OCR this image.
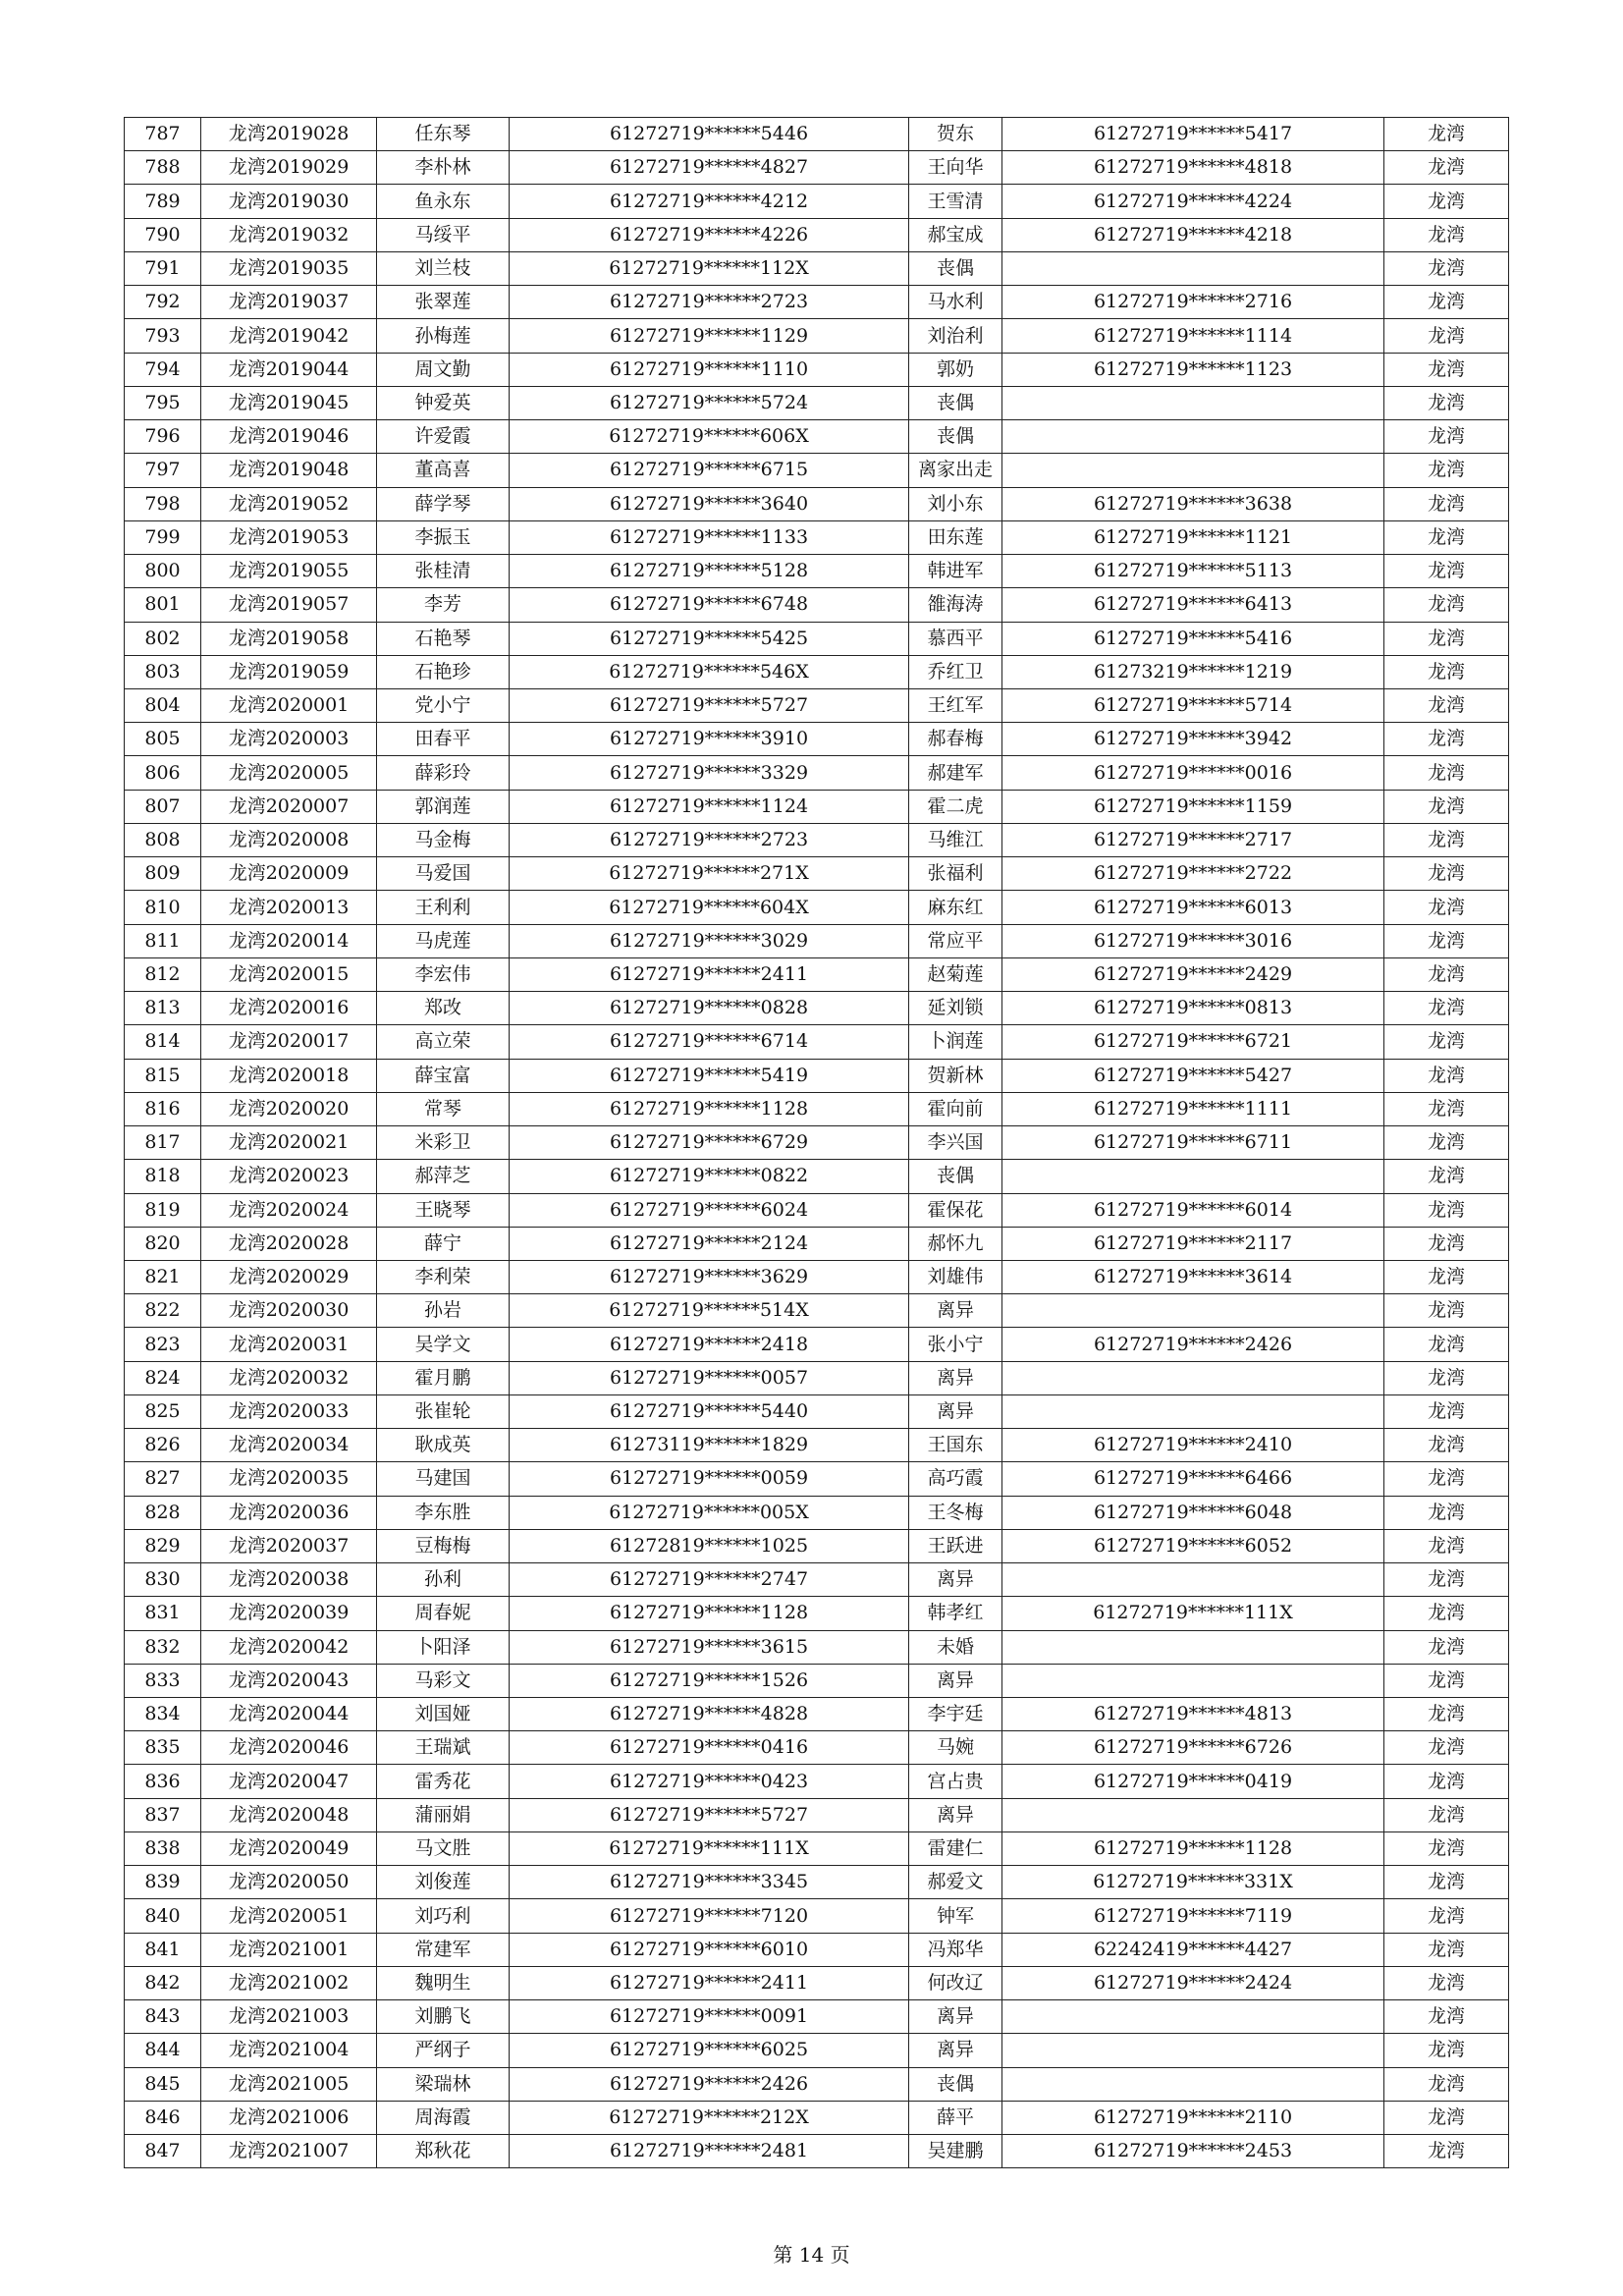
787	龙湾2019028	任东琴	61272719******5446	贺东	61272719******5417	龙湾
788	龙湾2019029	李朴林	61272719******4827	王向华	61272719******4818	龙湾
789	龙湾2019030	鱼永东	61272719******4212	王雪清	61272719******4224	龙湾
790	龙湾2019032	马绥平	61272719******4226	郝宝成	61272719******4218	龙湾
791	龙湾2019035	刘兰枝	61272719******112X	丧偶		龙湾
792	龙湾2019037	张翠莲	61272719******2723	马水利	61272719******2716	龙湾
793	龙湾2019042	孙梅莲	61272719******1129	刘治利	61272719******1114	龙湾
794	龙湾2019044	周文勤	61272719******1110	郭奶	61272719******1123	龙湾
795	龙湾2019045	钟爱英	61272719******5724	丧偶		龙湾
796	龙湾2019046	许爱霞	61272719******606X	丧偶		龙湾
797	龙湾2019048	董高喜	61272719******6715	离家出走		龙湾
798	龙湾2019052	薛学琴	61272719******3640	刘小东	61272719******3638	龙湾
799	龙湾2019053	李振玉	61272719******1133	田东莲	61272719******1121	龙湾
800	龙湾2019055	张桂清	61272719******5128	韩进军	61272719******5113	龙湾
801	龙湾2019057	李芳	61272719******6748	雒海涛	61272719******6413	龙湾
802	龙湾2019058	石艳琴	61272719******5425	慕西平	61272719******5416	龙湾
803	龙湾2019059	石艳珍	61272719******546X	乔红卫	61273219******1219	龙湾
804	龙湾2020001	党小宁	61272719******5727	王红军	61272719******5714	龙湾
805	龙湾2020003	田春平	61272719******3910	郝春梅	61272719******3942	龙湾
806	龙湾2020005	薛彩玲	61272719******3329	郝建军	61272719******0016	龙湾
807	龙湾2020007	郭润莲	61272719******1124	霍二虎	61272719******1159	龙湾
808	龙湾2020008	马金梅	61272719******2723	马维江	61272719******2717	龙湾
809	龙湾2020009	马爱国	61272719******271X	张福利	61272719******2722	龙湾
810	龙湾2020013	王利利	61272719******604X	麻东红	61272719******6013	龙湾
811	龙湾2020014	马虎莲	61272719******3029	常应平	61272719******3016	龙湾
812	龙湾2020015	李宏伟	61272719******2411	赵菊莲	61272719******2429	龙湾
813	龙湾2020016	郑改	61272719******0828	延刘锁	61272719******0813	龙湾
814	龙湾2020017	高立荣	61272719******6714	卜润莲	61272719******6721	龙湾
815	龙湾2020018	薛宝富	61272719******5419	贺新林	61272719******5427	龙湾
816	龙湾2020020	常琴	61272719******1128	霍向前	61272719******1111	龙湾
817	龙湾2020021	米彩卫	61272719******6729	李兴国	61272719******6711	龙湾
818	龙湾2020023	郝萍芝	61272719******0822	丧偶		龙湾
819	龙湾2020024	王晓琴	61272719******6024	霍保花	61272719******6014	龙湾
820	龙湾2020028	薛宁	61272719******2124	郝怀九	61272719******2117	龙湾
821	龙湾2020029	李利荣	61272719******3629	刘雄伟	61272719******3614	龙湾
822	龙湾2020030	孙岩	61272719******514X	离异		龙湾
823	龙湾2020031	吴学文	61272719******2418	张小宁	61272719******2426	龙湾
824	龙湾2020032	霍月鹏	61272719******0057	离异		龙湾
825	龙湾2020033	张崔轮	61272719******5440	离异		龙湾
826	龙湾2020034	耿成英	61273119******1829	王国东	61272719******2410	龙湾
827	龙湾2020035	马建国	61272719******0059	高巧霞	61272719******6466	龙湾
828	龙湾2020036	李东胜	61272719******005X	王冬梅	61272719******6048	龙湾
829	龙湾2020037	豆梅梅	61272819******1025	王跃进	61272719******6052	龙湾
830	龙湾2020038	孙利	61272719******2747	离异		龙湾
831	龙湾2020039	周春妮	61272719******1128	韩孝红	61272719******111X	龙湾
832	龙湾2020042	卜阳泽	61272719******3615	未婚		龙湾
833	龙湾2020043	马彩文	61272719******1526	离异		龙湾
834	龙湾2020044	刘国娅	61272719******4828	李宇廷	61272719******4813	龙湾
835	龙湾2020046	王瑞斌	61272719******0416	马婉	61272719******6726	龙湾
836	龙湾2020047	雷秀花	61272719******0423	宫占贵	61272719******0419	龙湾
837	龙湾2020048	蒲丽娟	61272719******5727	离异		龙湾
838	龙湾2020049	马文胜	61272719******111X	雷建仁	61272719******1128	龙湾
839	龙湾2020050	刘俊莲	61272719******3345	郝爱文	61272719******331X	龙湾
840	龙湾2020051	刘巧利	61272719******7120	钟军	61272719******7119	龙湾
841	龙湾2021001	常建军	61272719******6010	冯郑华	62242419******4427	龙湾
842	龙湾2021002	魏明生	61272719******2411	何改辽	61272719******2424	龙湾
843	龙湾2021003	刘鹏飞	61272719******0091	离异		龙湾
844	龙湾2021004	严纲子	61272719******6025	离异		龙湾
845	龙湾2021005	梁瑞林	61272719******2426	丧偶		龙湾
846	龙湾2021006	周海霞	61272719******212X	薛平	61272719******2110	龙湾
847	龙湾2021007	郑秋花	61272719******2481	吴建鹏	61272719******2453	龙湾
第 14 页
